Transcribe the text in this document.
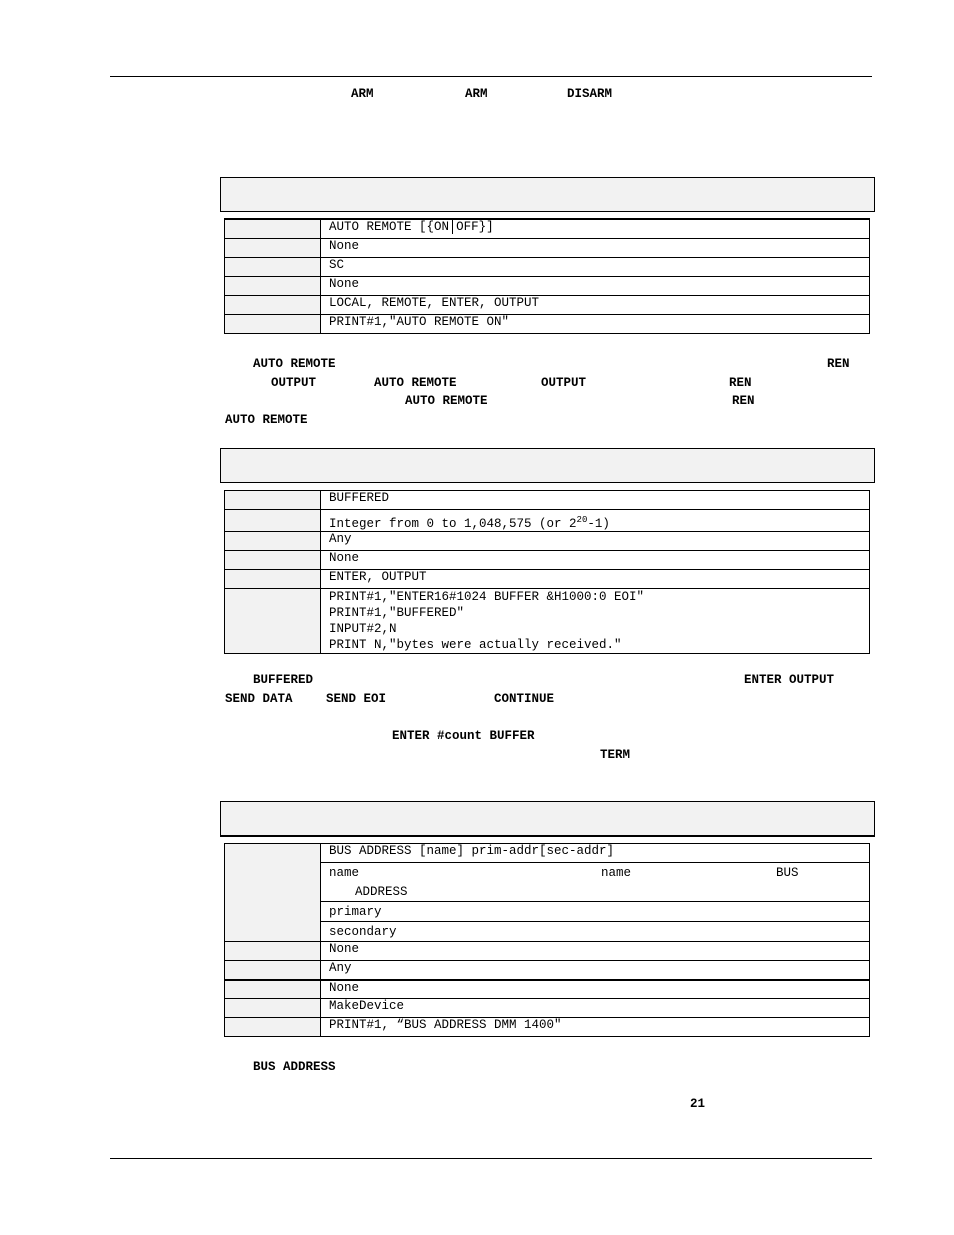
ARM	ARM	DISARM
	AUTO REMOTE [{ON OFF}]
	None
	SC
	None
	LOCAL, REMOTE, ENTER, OUTPUT
	PRINT#1,"AUTO REMOTE ON"
AUTO REMOTE	REN
OUTPUT	AUTO REMOTE	OUTPUT	REN
AUTO REMOTE	REN
AUTO REMOTE
	BUFFERED
	Integer from 0 to 1,048,575 (or $2^{20}-1$)
	Any
	None
	ENTER, OUTPUT

	PRINT#1,"ENTER16#1024 BUFFER &H1000:0 EOI"
PRINT#1,"BUFFERED"
INPUT#2,N
PRINT N,"bytes were actually received."
BUFFERED	ENTER OUTPUT
SEND DATA	SEND EOI	CONTINUE
ENTER #count BUFFER
TERM
	BUS ADDRESS [name] prim-addr[sec-addr]
	name name BUS

ADDRESS
	primary
	secondary
	None
	Any
	None
	MakeDevice
	PRINT#1, “BUS ADDRESS DMM 1400"
BUS ADDRESS
21
